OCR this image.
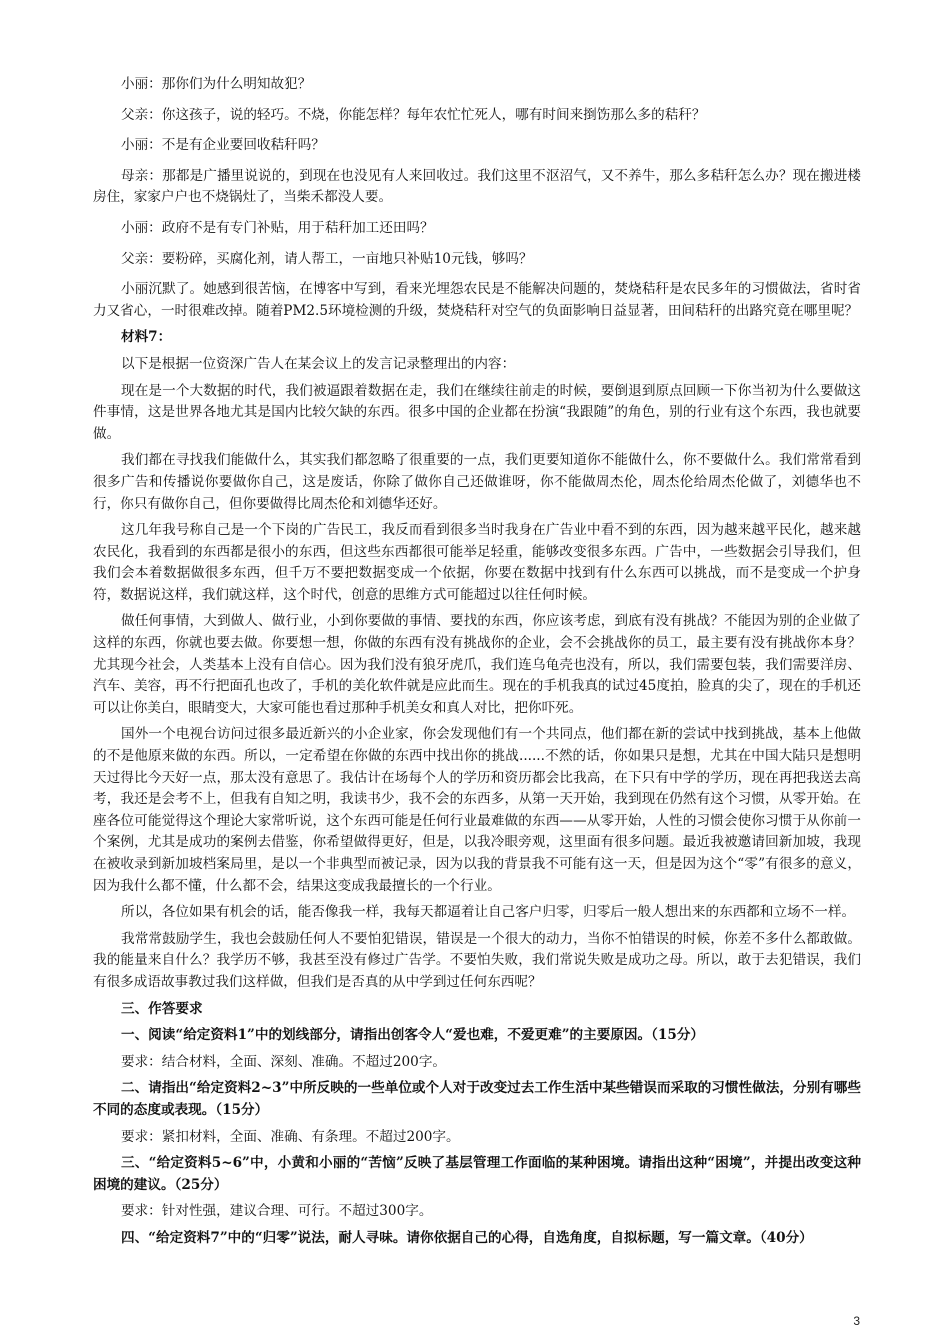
小丽：那你们为什么明知故犯？

父亲：你这孩子，说的轻巧。不烧，你能怎样？每年农忙忙死人，哪有时间来捯饬那么多的秸秆？

小丽：不是有企业要回收秸秆吗？

母亲：那都是广播里说说的，到现在也没见有人来回收过。我们这里不沤沼气，又不养牛，那么多秸秆怎么办？现在搬进楼房住，家家户户也不烧锅灶了，当柴禾都没人要。

小丽：政府不是有专门补贴，用于秸秆加工还田吗？

父亲：要粉碎，买腐化剂，请人帮工，一亩地只补贴10元钱，够吗？

小丽沉默了。她感到很苦恼，在博客中写到，看来光埋怨农民是不能解决问题的，焚烧秸秆是农民多年的习惯做法，省时省力又省心，一时很难改掉。随着PM2.5环境检测的升级，焚烧秸秆对空气的负面影响日益显著，田间秸秆的出路究竟在哪里呢？

材料7：

以下是根据一位资深广告人在某会议上的发言记录整理出的内容：

现在是一个大数据的时代，我们被逼跟着数据在走，我们在继续往前走的时候，要倒退到原点回顾一下你当初为什么要做这件事情，这是世界各地尤其是国内比较欠缺的东西。很多中国的企业都在扮演“我跟随”的角色，别的行业有这个东西，我也就要做。

我们都在寻找我们能做什么，其实我们都忽略了很重要的一点，我们更要知道你不能做什么，你不要做什么。我们常常看到很多广告和传播说你要做你自己，这是废话，你除了做你自己还做谁呀，你不能做周杰伦，周杰伦给周杰伦做了，刘德华也不行，你只有做你自己，但你要做得比周杰伦和刘德华还好。

这几年我号称自己是一个下岗的广告民工，我反而看到很多当时我身在广告业中看不到的东西，因为越来越平民化，越来越农民化，我看到的东西都是很小的东西，但这些东西都很可能举足轻重，能够改变很多东西。广告中，一些数据会引导我们，但我们会本着数据做很多东西，但千万不要把数据变成一个依据，你要在数据中找到有什么东西可以挑战，而不是变成一个护身符，数据说这样，我们就这样，这个时代，创意的思维方式可能超过以往任何时候。

做任何事情，大到做人、做行业，小到你要做的事情、要找的东西，你应该考虑，到底有没有挑战？不能因为别的企业做了这样的东西，你就也要去做。你要想一想，你做的东西有没有挑战你的企业，会不会挑战你的员工，最主要有没有挑战你本身？尤其现今社会，人类基本上没有自信心。因为我们没有狼牙虎爪，我们连乌龟壳也没有，所以，我们需要包装，我们需要洋房、汽车、美容，再不行把面孔也改了，手机的美化软件就是应此而生。现在的手机我真的试过45度拍，脸真的尖了，现在的手机还可以让你美白，眼睛变大，大家可能也看过那种手机美女和真人对比，把你吓死。

国外一个电视台访问过很多最近新兴的小企业家，你会发现他们有一个共同点，他们都在新的尝试中找到挑战，基本上他做的不是他原来做的东西。所以，一定希望在你做的东西中找出你的挑战......不然的话，你如果只是想，尤其在中国大陆只是想明天过得比今天好一点，那太没有意思了。我估计在场每个人的学历和资历都会比我高，在下只有中学的学历，现在再把我送去高考，我还是会考不上，但我有自知之明，我读书少，我不会的东西多，从第一天开始，我到现在仍然有这个习惯，从零开始。在座各位可能觉得这个理论大家常听说，这个东西可能是任何行业最难做的东西——从零开始，人性的习惯会使你习惯于从你前一个案例，尤其是成功的案例去借鉴，你希望做得更好，但是，以我冷眼旁观，这里面有很多问题。最近我被邀请回新加坡，我现在被收录到新加坡档案局里，是以一个非典型而被记录，因为以我的背景我不可能有这一天，但是因为这个“零”有很多的意义，因为我什么都不懂，什么都不会，结果这变成我最擅长的一个行业。

所以，各位如果有机会的话，能否像我一样，我每天都逼着让自己客户归零，归零后一般人想出来的东西都和立场不一样。

我常常鼓励学生，我也会鼓励任何人不要怕犯错误，错误是一个很大的动力，当你不怕错误的时候，你差不多什么都敢做。我的能量来自什么？我学历不够，我甚至没有修过广告学。不要怕失败，我们常说失败是成功之母。所以，敢于去犯错误，我们有很多成语故事教过我们这样做，但我们是否真的从中学到过任何东西呢？

三、作答要求

一、阅读“给定资料1”中的划线部分，请指出创客令人“爱也难，不爱更难”的主要原因。（15分）

要求：结合材料，全面、深刻、准确。不超过200字。

二、请指出“给定资料2~3”中所反映的一些单位或个人对于改变过去工作生活中某些错误而采取的习惯性做法，分别有哪些不同的态度或表现。（15分）

要求：紧扣材料，全面、准确、有条理。不超过200字。

三、“给定资料5~6”中，小黄和小丽的“苦恼”反映了基层管理工作面临的某种困境。请指出这种“困境”，并提出改变这种困境的建议。（25分）

要求：针对性强，建议合理、可行。不超过300字。

四、“给定资料7”中的“归零”说法，耐人寻味。请你依据自己的心得，自选角度，自拟标题，写一篇文章。（40分）

3
